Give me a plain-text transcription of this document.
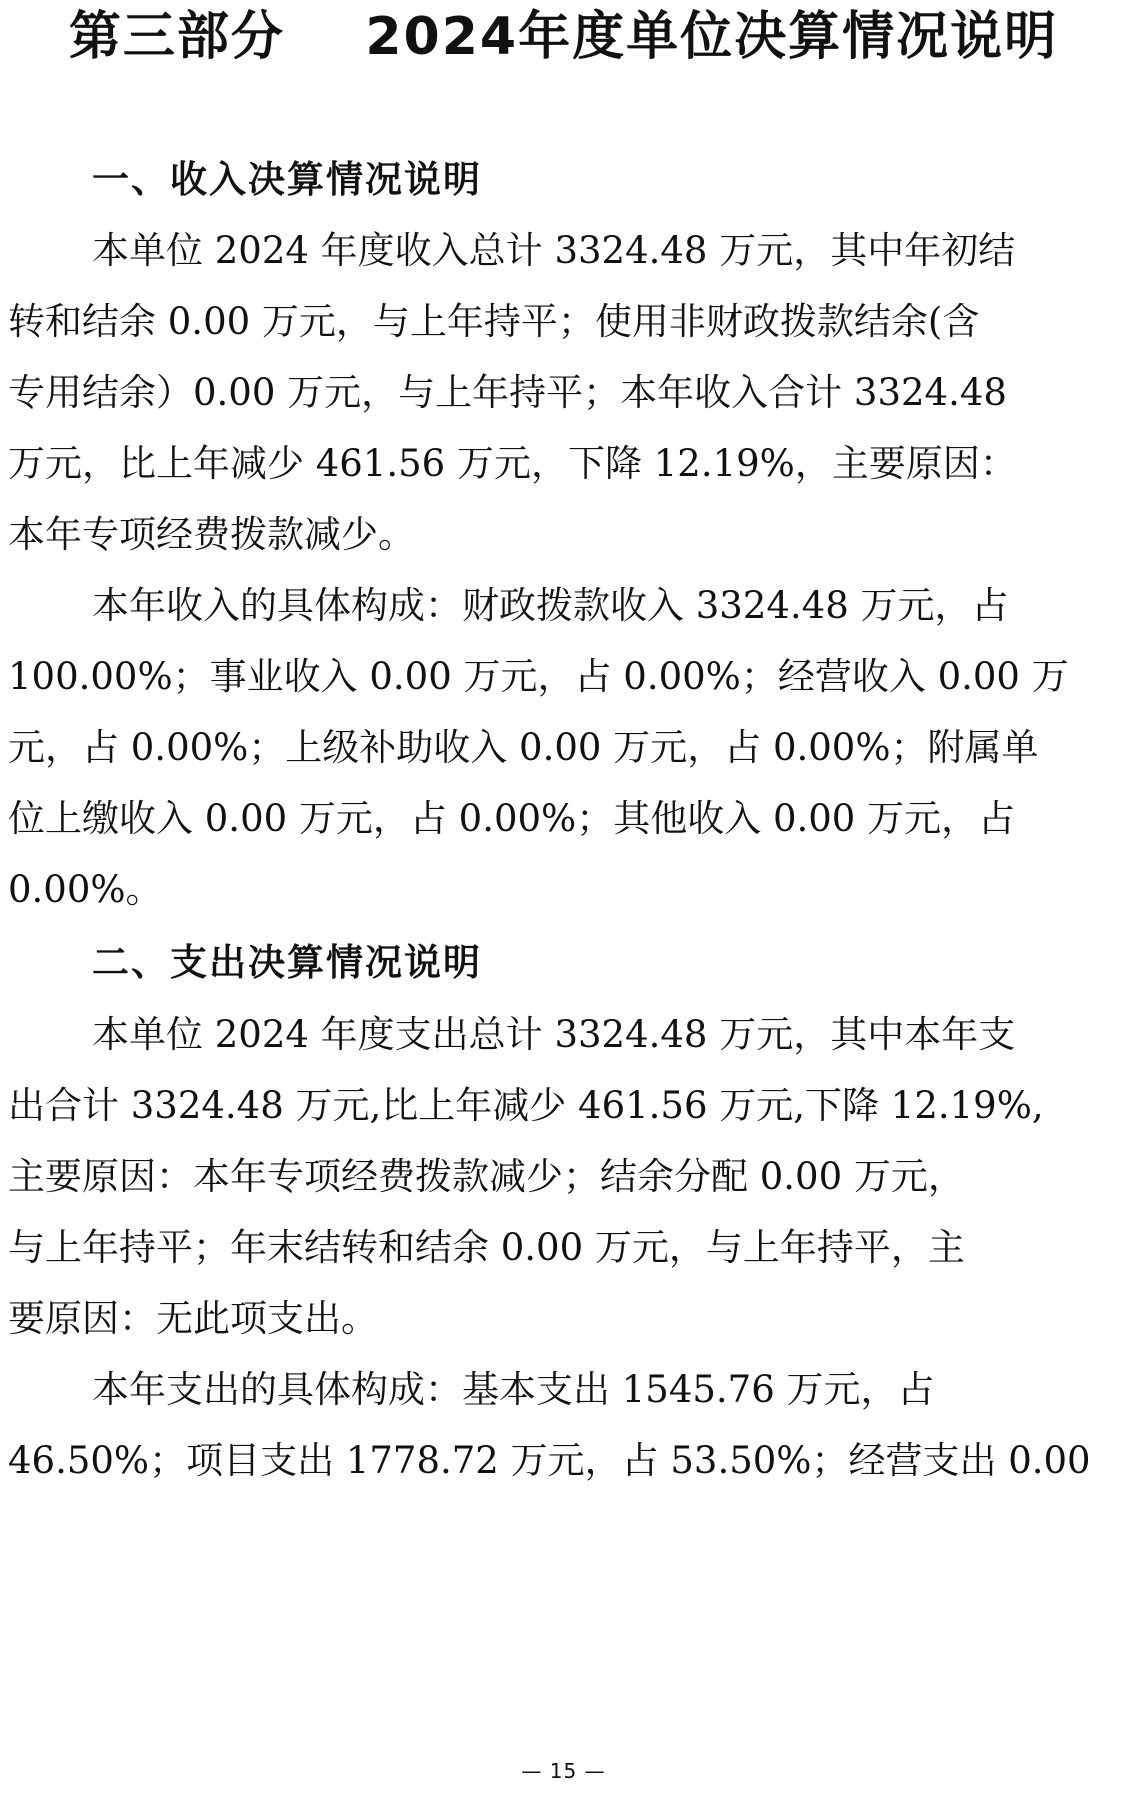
第三部分    2024年度单位决算情况说明
一、收入决算情况说明
本单位 2024 年度收入总计 3324.48 万元，其中年初结
转和结余 0.00 万元，与上年持平；使用非财政拨款结余(含
专用结余）0.00 万元，与上年持平；本年收入合计 3324.48
万元，比上年减少 461.56 万元，下降 12.19%，主要原因：
本年专项经费拨款减少。
本年收入的具体构成：财政拨款收入 3324.48 万元，占
100.00%；事业收入 0.00 万元，占 0.00%；经营收入 0.00 万
元，占 0.00%；上级补助收入 0.00 万元，占 0.00%；附属单
位上缴收入 0.00 万元，占 0.00%；其他收入 0.00 万元，占
0.00%。
二、支出决算情况说明
本单位 2024 年度支出总计 3324.48 万元，其中本年支
出合计 3324.48 万元,比上年减少 461.56 万元,下降 12.19%,
主要原因：本年专项经费拨款减少；结余分配 0.00 万元，
与上年持平；年末结转和结余 0.00 万元，与上年持平，主
要原因：无此项支出。
本年支出的具体构成：基本支出 1545.76 万元，占
46.50%；项目支出 1778.72 万元，占 53.50%；经营支出 0.00
— 15 —
